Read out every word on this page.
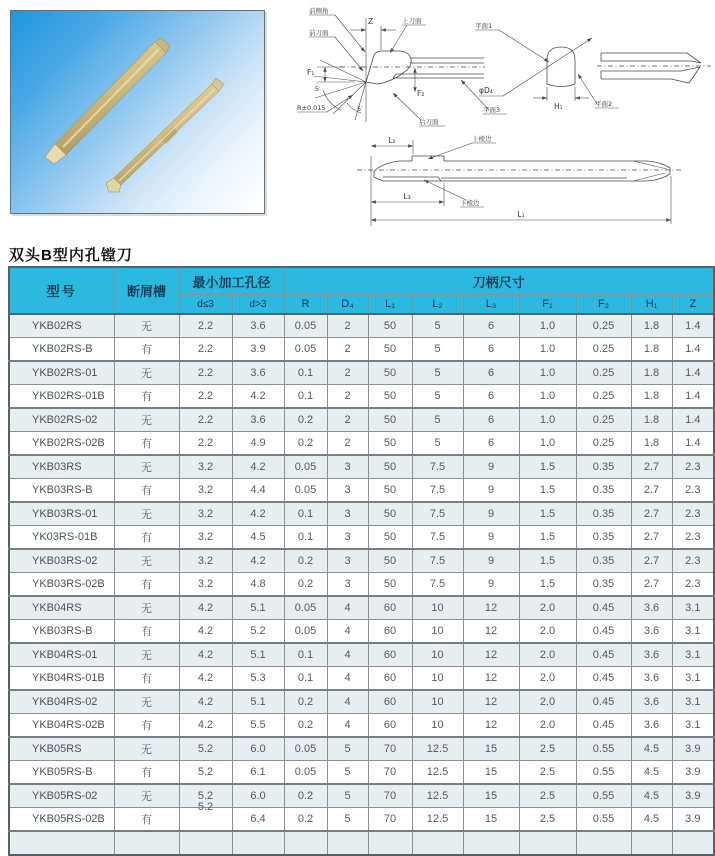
Z
F₁
F₂
5′
5′
R±0.015
前侧角
前刀面
上刀面
后刀面
平面3
平面1
φD₄
H₁	平面2
L₂	上棱边
L₃
下棱边
L₁
双头B型内孔镗刀
型号	断屑槽	最小加工孔径		刀柄尺寸								
		d≤3	d>3	R	D₄	L₁	L₂	L₃	F₁	F₂	H₁	Z
YKB02RS	无	2.2	3.6	0.05	2	50	5	6	1.0	0.25	1.8	1.4
YKB02RS-B	有	2.2	3.9	0.05	2	50	5	6	1.0	0.25	1.8	1.4
YKB02RS-01	无	2.2	3.6	0.1	2	50	5	6	1.0	0.25	1.8	1.4
YKB02RS-01B	有	2.2	4.2	0.1	2	50	5	6	1.0	0.25	1.8	1.4
YKB02RS-02	无	2.2	3.6	0.2	2	50	5	6	1.0	0.25	1.8	1.4
YKB02RS-02B	有	2.2	4.9	0.2	2	50	5	6	1.0	0.25	1.8	1.4
YKB03RS	无	3.2	4.2	0.05	3	50	7.5	9	1.5	0.35	2.7	2.3
YKB03RS-B	有	3.2	4.4	0.05	3	50	7.5	9	1.5	0.35	2.7	2.3
YKB03RS-01	无	3.2	4.2	0.1	3	50	7.5	9	1.5	0.35	2.7	2.3
YK03RS-01B	有	3.2	4.5	0.1	3	50	7.5	9	1.5	0.35	2.7	2.3
YKB03RS-02	无	3.2	4.2	0.2	3	50	7.5	9	1.5	0.35	2.7	2.3
YKB03RS-02B	有	3.2	4.8	0.2	3	50	7.5	9	1.5	0.35	2.7	2.3
YKB04RS	无	4.2	5.1	0.05	4	60	10	12	2.0	0.45	3.6	3.1
YKB03RS-B	有	4.2	5.2	0.05	4	60	10	12	2.0	0.45	3.6	3.1
YKB04RS-01	无	4.2	5.1	0.1	4	60	10	12	2.0	0.45	3.6	3.1
YKB04RS-01B	有	4.2	5.3	0.1	4	60	10	12	2.0	0.45	3.6	3.1
YKB04RS-02	无	4.2	5.1	0.2	4	60	10	12	2.0	0.45	3.6	3.1
YKB04RS-02B	有	4.2	5.5	0.2	4	60	10	12	2.0	0.45	3.6	3.1
YKB05RS	无	5.2	6.0	0.05	5	70	12.5	15	2.5	0.55	4.5	3.9
YKB05RS-B	有	5.2	6.1	0.05	5	70	12.5	15	2.5	0.55	4.5	3.9
YKB05RS-02	无	5.2	6.0	0.2	5	70	12.5	15	2.5	0.55	4.5	3.9
YKB05RS-02B	有	5.2	6.4	0.2	5	70	12.5	15	2.5	0.55	4.5	3.9
